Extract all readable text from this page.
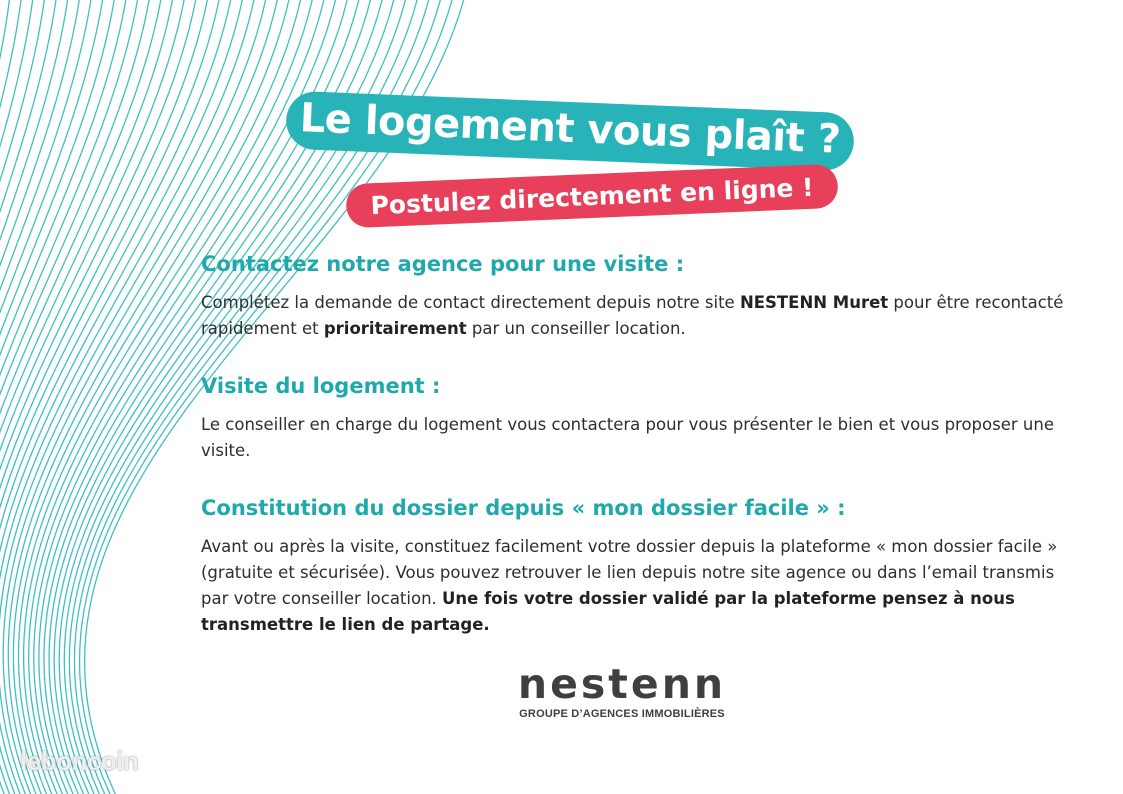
Le logement vous plaît ?
Postulez directement en ligne !
Contactez notre agence pour une visite :

Complétez la demande de contact directement depuis notre site NESTENN Muret pour être recontacté rapidement et prioritairement par un conseiller location.

Visite du logement :

Le conseiller en charge du logement vous contactera pour vous présenter le bien et vous proposer une visite.

Constitution du dossier depuis « mon dossier facile » :

Avant ou après la visite, constituez facilement votre dossier depuis la plateforme « mon dossier facile » (gratuite et sécurisée). Vous pouvez retrouver le lien depuis notre site agence ou dans l’email transmis par votre conseiller location. Une fois votre dossier validé par la plateforme pensez à nous transmettre le lien de partage.

nestenn
GROUPE D’AGENCES IMMOBILIÈRES
leboncoin
